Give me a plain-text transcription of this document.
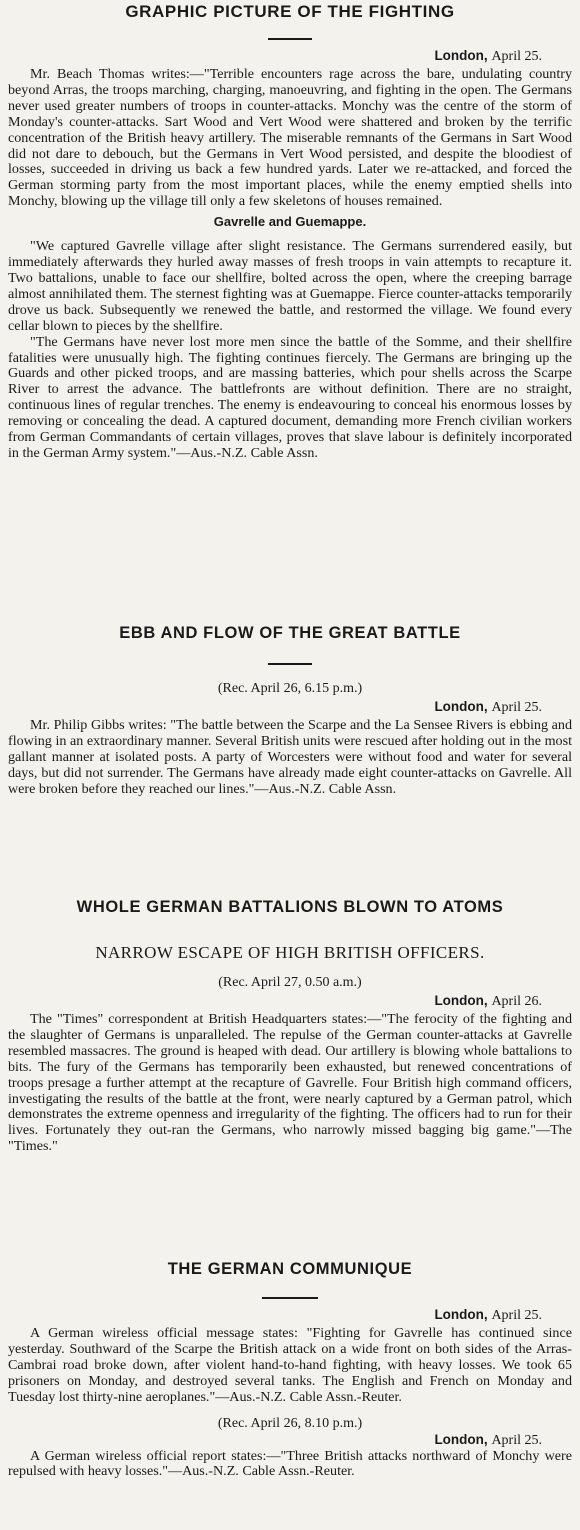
GRAPHIC PICTURE OF THE FIGHTING
London, April 25.

Mr. Beach Thomas writes:—"Terrible encounters rage across the bare, undulating country beyond Arras, the troops marching, charging, manoeuvring, and fighting in the open. The Germans never used greater numbers of troops in counter-attacks. Monchy was the centre of the storm of Monday's counter-attacks. Sart Wood and Vert Wood were shattered and broken by the terrific concentration of the British heavy artillery. The miserable remnants of the Germans in Sart Wood did not dare to debouch, but the Germans in Vert Wood persisted, and despite the bloodiest of losses, succeeded in driving us back a few hundred yards. Later we re-attacked, and forced the German storming party from the most important places, while the enemy emptied shells into Monchy, blowing up the village till only a few skeletons of houses remained.

Gavrelle and Guemappe.

"We captured Gavrelle village after slight resistance. The Germans surrendered easily, but immediately afterwards they hurled away masses of fresh troops in vain attempts to recapture it. Two battalions, unable to face our shellfire, bolted across the open, where the creeping barrage almost annihilated them. The sternest fighting was at Guemappe. Fierce counter-attacks temporarily drove us back. Subsequently we renewed the battle, and restormed the village. We found every cellar blown to pieces by the shellfire.

"The Germans have never lost more men since the battle of the Somme, and their shellfire fatalities were unusually high. The fighting continues fiercely. The Germans are bringing up the Guards and other picked troops, and are massing batteries, which pour shells across the Scarpe River to arrest the advance. The battlefronts are without definition. There are no straight, continuous lines of regular trenches. The enemy is endeavouring to conceal his enormous losses by removing or concealing the dead. A captured document, demanding more French civilian workers from German Commandants of certain villages, proves that slave labour is definitely incorporated in the German Army system."—Aus.-N.Z. Cable Assn.

EBB AND FLOW OF THE GREAT BATTLE
(Rec. April 26, 6.15 p.m.)
London, April 25.

Mr. Philip Gibbs writes: "The battle between the Scarpe and the La Sensee Rivers is ebbing and flowing in an extraordinary manner. Several British units were rescued after holding out in the most gallant manner at isolated posts. A party of Worcesters were without food and water for several days, but did not surrender. The Germans have already made eight counter-attacks on Gavrelle. All were broken before they reached our lines."—Aus.-N.Z. Cable Assn.

WHOLE GERMAN BATTALIONS BLOWN TO ATOMS
NARROW ESCAPE OF HIGH BRITISH OFFICERS.
(Rec. April 27, 0.50 a.m.)
London, April 26.

The "Times" correspondent at British Headquarters states:—"The ferocity of the fighting and the slaughter of Germans is unparalleled. The repulse of the German counter-attacks at Gavrelle resembled massacres. The ground is heaped with dead. Our artillery is blowing whole battalions to bits. The fury of the Germans has temporarily been exhausted, but renewed concentrations of troops presage a further attempt at the recapture of Gavrelle. Four British high command officers, investigating the results of the battle at the front, were nearly captured by a German patrol, which demonstrates the extreme openness and irregularity of the fighting. The officers had to run for their lives. Fortunately they out-ran the Germans, who narrowly missed bagging big game."—The "Times."

THE GERMAN COMMUNIQUE
London, April 25.

A German wireless official message states: "Fighting for Gavrelle has continued since yesterday. Southward of the Scarpe the British attack on a wide front on both sides of the Arras-Cambrai road broke down, after violent hand-to-hand fighting, with heavy losses. We took 65 prisoners on Monday, and destroyed several tanks. The English and French on Monday and Tuesday lost thirty-nine aeroplanes."—Aus.-N.Z. Cable Assn.-Reuter.

(Rec. April 26, 8.10 p.m.)
London, April 25.

A German wireless official report states:—"Three British attacks northward of Monchy were repulsed with heavy losses."—Aus.-N.Z. Cable Assn.-Reuter.
